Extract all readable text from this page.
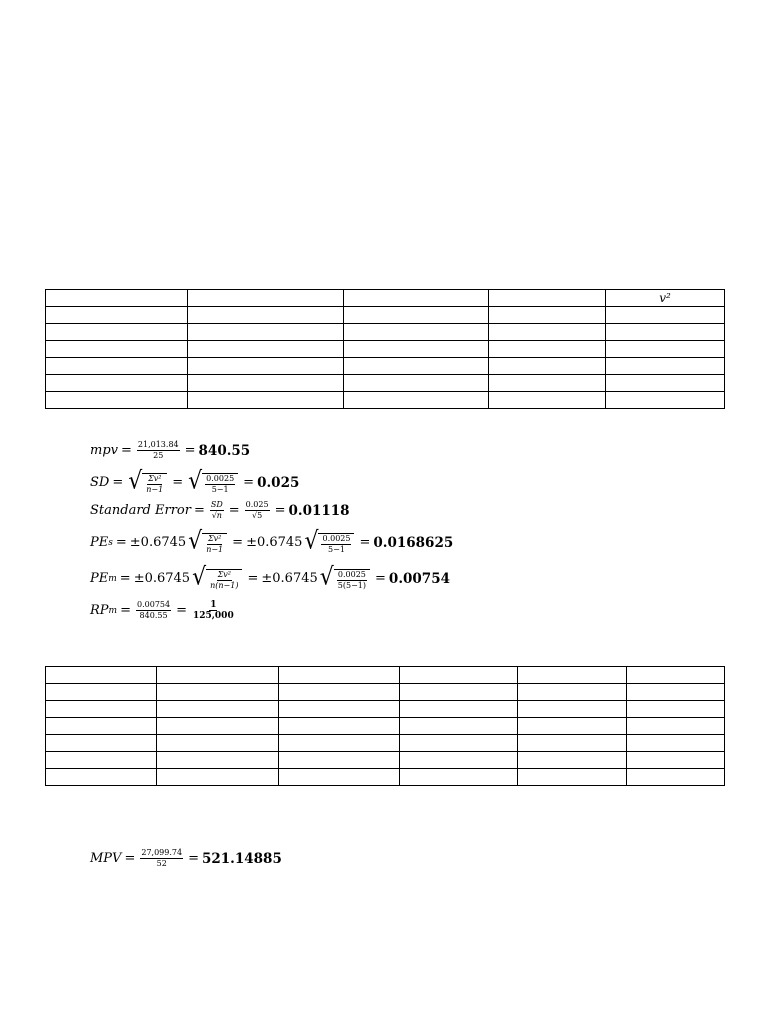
				v²

mpv = $\frac{21,013.84}{25} = 840.55$
SD = √ $\frac{\text{Σv²}}{n-1}$ = √ $\frac{0.0025}{5-1} = 0.025$
Standard Error = $\frac{SD}{√n} = \frac{0.025}{√5} = 0.01118$
PE s = ±0.6745 √ $\frac{\text{Σv²}}{n-1} = \pm 0.6745$ √ $\frac{0.0025}{5-1} = 0.0168625$
PE m = ±0.6745 √ $\frac{\text{Σv²}}{n(n-1)} = \pm 0.6745$ √ $\frac{0.0025}{5(5-1)} = 0.00754$
RP $m = \frac{0.00754}{840.55} = \frac{1}{125,000}$

MPV = $\frac{27,099.74}{52} = 521.14885$
